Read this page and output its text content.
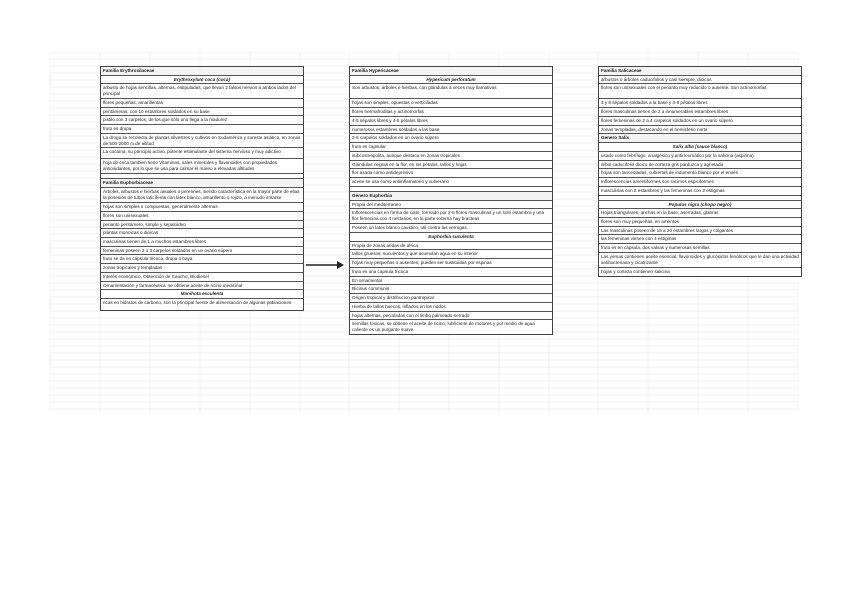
Familia Erythroxilaceae
Erythroxylum coca (coca)
arbusto de hojas sencillas, alternas, estipuladas, que llevan 2 falsos nervios a ambos lados del principal
flores pequeñas, amarillentas
pentámeras, con 10 estambres soldados en su base
pistilo con 3 carpelos, de los que sólo uno llega a la madurez
fruto es drupa
La droga se recolecta de plantas silvestres y cultivos en Sudamérica y sureste asiático, en zonas de 500-2000 m de altitud
La cocaína, su principio activo, potente estimulante del sistema nervioso y muy adictivo
hoja de coca tambien tiene Vitaminas, sales minerales y flavonoides con propiedades antioxidantes, por lo que se usa para calmar el mareo a elevadas altitudes
Familia Euphorbiaceae
Árboles, arbustos e hierbas anuales o perennes, siendo característica en la mayor parte de ellas la posesión de tubos laticíferos con látex blanco, amarillento o rojizo, a menudo irritante
hojas son simples o compuestas, generalmente alternas
flores son unisexuales
perianto pentámero, simple y sepaloideo
plantas monoicas o dioicas
masculinas tienen de 1 a muchos estambres libres
femeninas poseen 2 o 3 carpelos soldados en un ovario súpero
fruto se da en cápsula tricoca, drupa o baya
zonas tropicales y templadas
Interés económico. Obtención de Caucho, Biodiesel
Ornamentación y farmacéutica: se obtiene aceite de ricino medicinal
Manihota esculenta
ricas en hidratos de carbono, son la principal fuente de alimentación de algunas poblaciones
Familia Hypericaceae
Hypericum perforatum
Son arbustos, árboles e hierbas, con glándulas a veces muy llamativas
hojas son simples, opuestas o verticiladas
flores hermafroditas y actinomorfas
4-5 sépalos libres y 4-5 pétalos libres
numerosos estambres soldados a las base
3-5 carpelos soldados en un ovario súpero
fruto es capsular
subcosmopolita, aunque destaca en zonas tropicales
Glándulas negras en la flor, en los pétalos, tallos y hojas
flor asada como antidepresivo
aceite se usa como antiinflamatorio y vulnerario
Genero Euphorbia
Propia del mediterraneo
Inflorescencias en forma de ciato, formado por 2-5 flores masculinas y un solo estambre y una flor femenina con 4 nectarios, en la parte externa hay bracteas
Poseen un latex blanco caustico, util contra las verrugas.
Euphorbia suculenta
Propia de zonas aridas de africa
tallos gruesos, suculentos y que acumulan agua en su interior
hojas muy pequeñas o ausentes, pueden ser sustituidas por espinas
fruto es una capsula tricoca
En ornamental
Ricinus communis
Origen tropical y distribucion pantropical
Hierba de tallos huecos, inflados en los nudos
hojas alternas, pecioladas con el limbo palmeado-serrado
semillas toxicas, se obtiene el aceite de ricino, lubricante de motores y por medio de agua caliente es un purgante suave.
Familia Salicaceae
arbustos o árboles caducifolios y casi siempre, dioicos
flores son unisexuales con el perianto muy reducido o ausente. Son actinomorfas
3 y 8 sépalos soldados a la base y 3-8 pétalos libres
flores masculinas tienen de 2 a innumerables estambres libres
flores femeninas de 2 a 4 carpelos soldados en un ovario súpero
zonas templadas, destacando en el hemisferio norte
Genero Salix
Salix alba (sauce blanco)
usado como febrífugo, analgésico y antirreumático por la salicina (aspirina)
árbol caducifolio dioico de corteza gris parduzca y agrietada
hojas son lanceoladas, cubiertas de indumento blanco por el envés
Inflorescencias amentiformes son racimos espiciformes
masculinas con 2 estambres y las femeninas con 2 estigmas
Populus nigra (chopo negro)
Hojas triangulares, anchas en la base, aserradas, glabras
flores son muy pequeñas, en amentos
Las masculinas poseen de 10 a 20 estambres largos y colgantes
las femeninas vienen con 4 estigmas
fruto es en cápsula, dos valvas y numerosas semillas
Las yemas contienen aceite esencial, flavonoides y glucósidos fenólicos que le dan una actividad antibacteriana y cicatrizante
hojas y corteza contienen salicina
